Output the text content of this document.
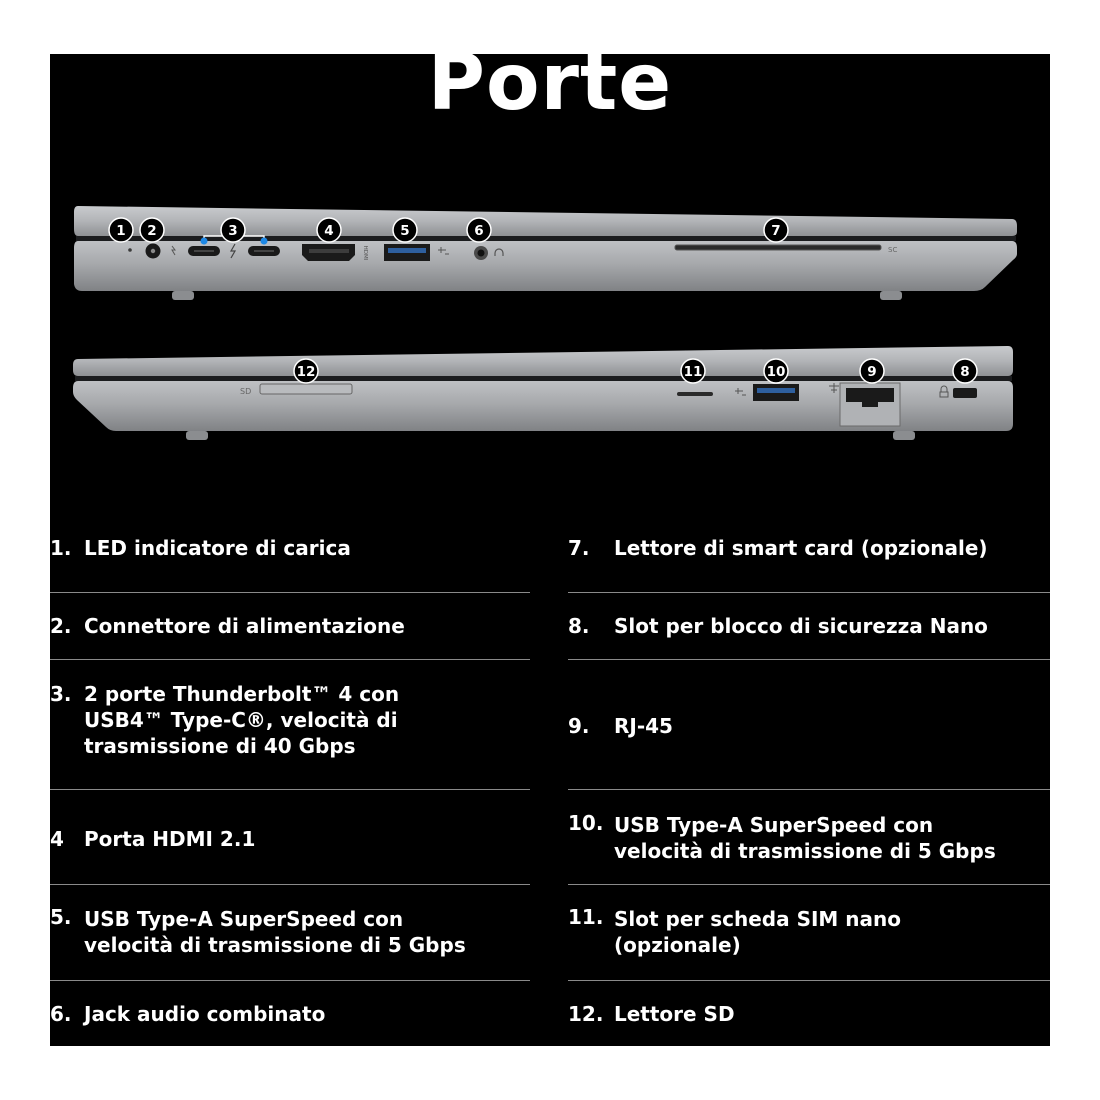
Porte
HDMI	SC
SD
1 2	3	4	5	6	7
8
9
10
11
12
1. LED indicatore di carica
2. Connettore di alimentazione
3. 2 porte Thunderbolt™ 4 con
USB4™ Type-C®, velocità di
trasmissione di 40 Gbps
4	Porta HDMI 2.1
5. USB Type-A SuperSpeed con
velocità di trasmissione di 5 Gbps
6. Jack audio combinato
7.	Lettore di smart card (opzionale)
8.	Slot per blocco di sicurezza Nano
9.	RJ-45
10. USB Type-A SuperSpeed con
velocità di trasmissione di 5 Gbps
11. Slot per scheda SIM nano
(opzionale)
12. Lettore SD
